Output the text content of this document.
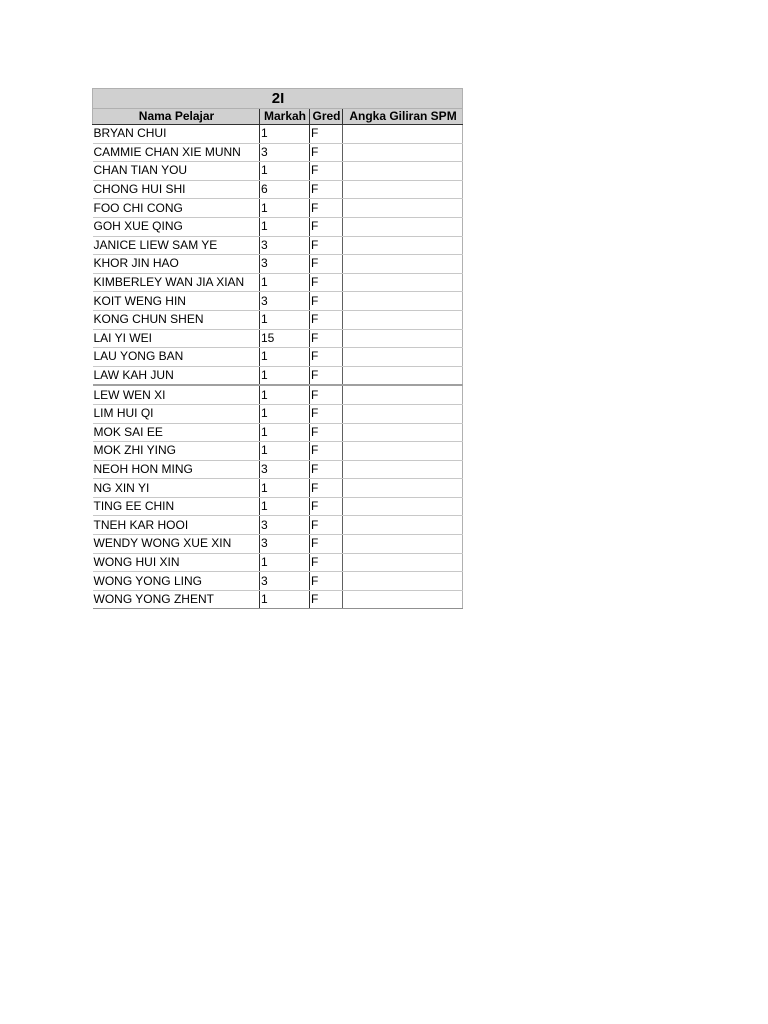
2I			
Nama Pelajar	Markah	Gred	Angka Giliran SPM
BRYAN CHUI	1	F	
CAMMIE CHAN XIE MUNN	3	F	
CHAN TIAN YOU	1	F	
CHONG HUI SHI	6	F	
FOO CHI CONG	1	F	
GOH XUE QING	1	F	
JANICE LIEW SAM YE	3	F	
KHOR JIN HAO	3	F	
KIMBERLEY WAN JIA XIAN	1	F	
KOIT WENG HIN	3	F	
KONG CHUN SHEN	1	F	
LAI YI WEI	15	F	
LAU YONG BAN	1	F	
LAW KAH JUN	1	F	
LEW WEN XI	1	F	
LIM HUI QI	1	F	
MOK SAI EE	1	F	
MOK ZHI YING	1	F	
NEOH HON MING	3	F	
NG XIN YI	1	F	
TING EE CHIN	1	F	
TNEH KAR HOOI	3	F	
WENDY WONG XUE XIN	3	F	
WONG HUI XIN	1	F	
WONG YONG LING	3	F	
WONG YONG ZHENT	1	F	
